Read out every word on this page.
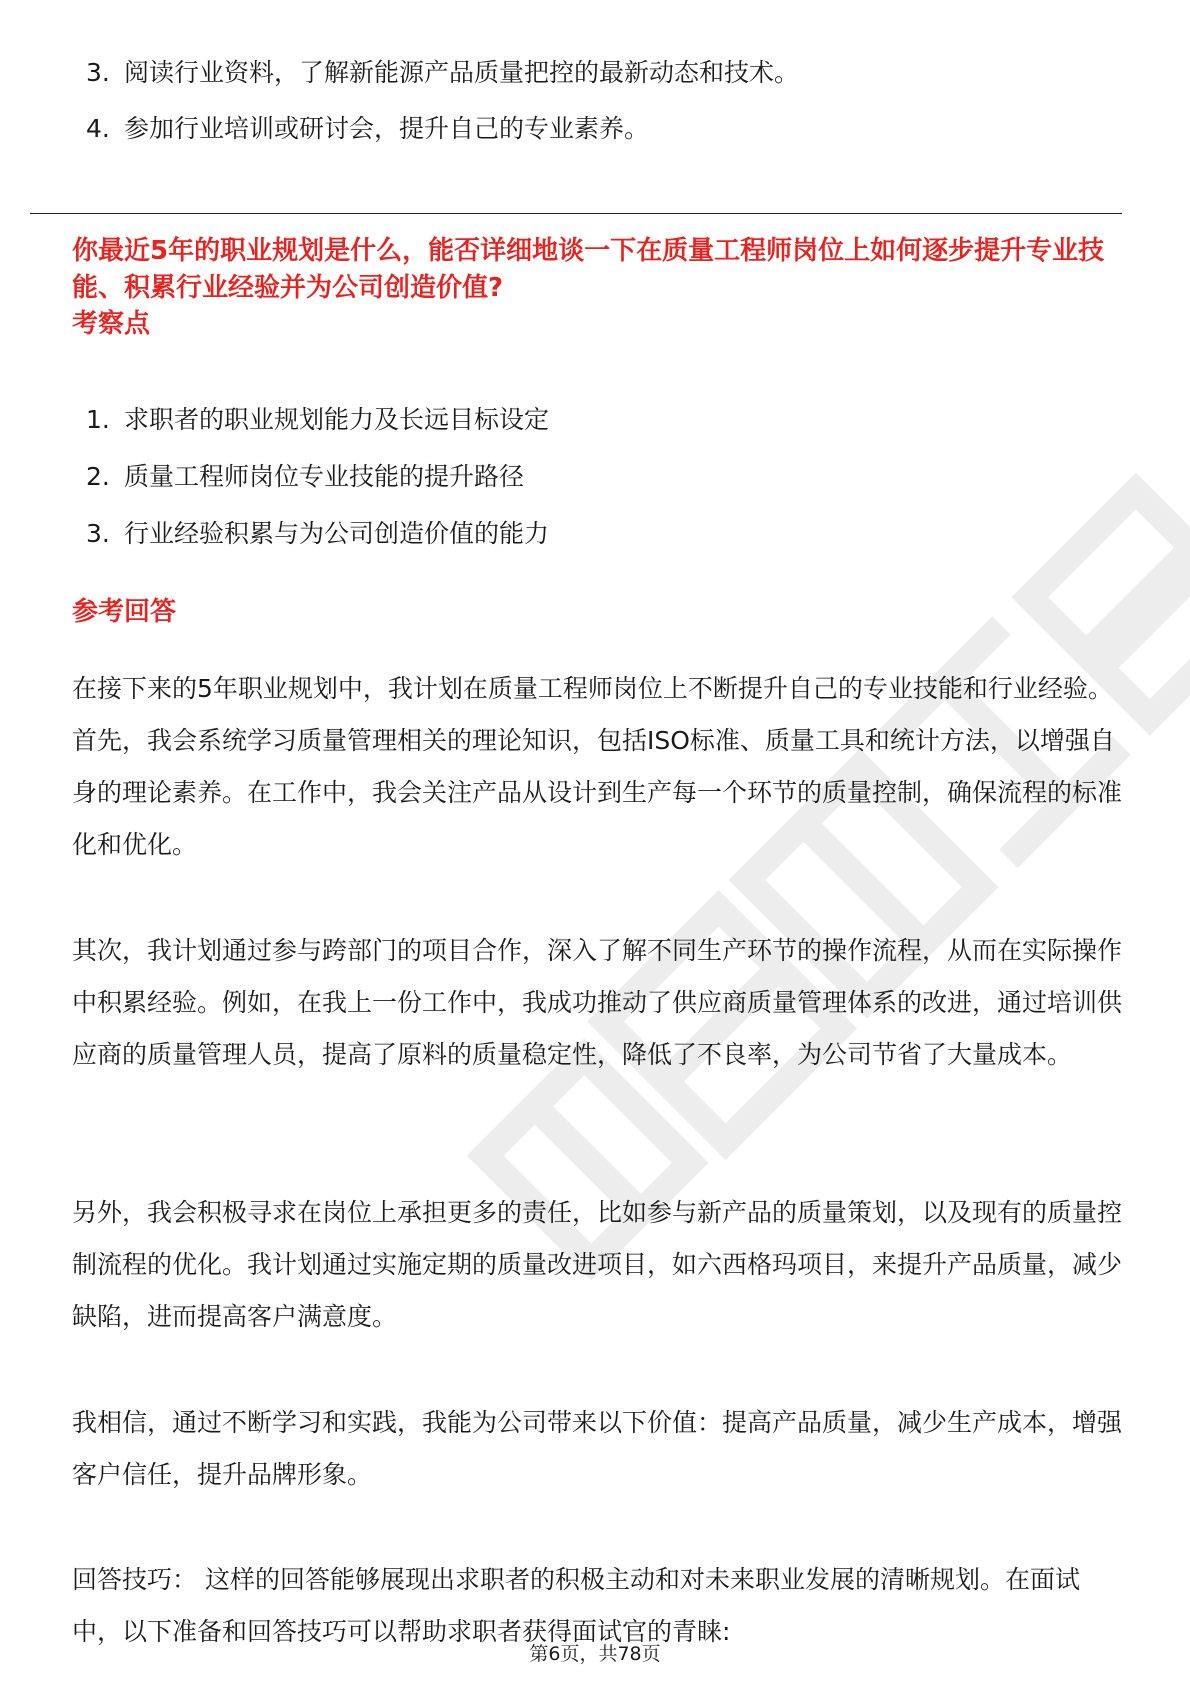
3. 阅读行业资料，了解新能源产品质量把控的最新动态和技术。
4. 参加行业培训或研讨会，提升自己的专业素养。

你最近5年的职业规划是什么，能否详细地谈一下在质量工程师岗位上如何逐步提升专业技能、积累行业经验并为公司创造价值?

考察点
1. 求职者的职业规划能力及长远目标设定
2. 质量工程师岗位专业技能的提升路径
3. 行业经验积累与为公司创造价值的能力
参考回答

在接下来的5年职业规划中，我计划在质量工程师岗位上不断提升自己的专业技能和行业经验。首先，我会系统学习质量管理相关的理论知识，包括ISO标准、质量工具和统计方法，以增强自身的理论素养。在工作中，我会关注产品从设计到生产每一个环节的质量控制，确保流程的标准化和优化。

其次，我计划通过参与跨部门的项目合作，深入了解不同生产环节的操作流程，从而在实际操作中积累经验。例如，在我上一份工作中，我成功推动了供应商质量管理体系的改进，通过培训供应商的质量管理人员，提高了原料的质量稳定性，降低了不良率，为公司节省了大量成本。

另外，我会积极寻求在岗位上承担更多的责任，比如参与新产品的质量策划，以及现有的质量控制流程的优化。我计划通过实施定期的质量改进项目，如六西格玛项目，来提升产品质量，减少缺陷，进而提高客户满意度。

我相信，通过不断学习和实践，我能为公司带来以下价值：提高产品质量，减少生产成本，增强客户信任，提升品牌形象。

回答技巧： 这样的回答能够展现出求职者的积极主动和对未来职业发展的清晰规划。在面试中，以下准备和回答技巧可以帮助求职者获得面试官的青睐:

第6页，共78页
